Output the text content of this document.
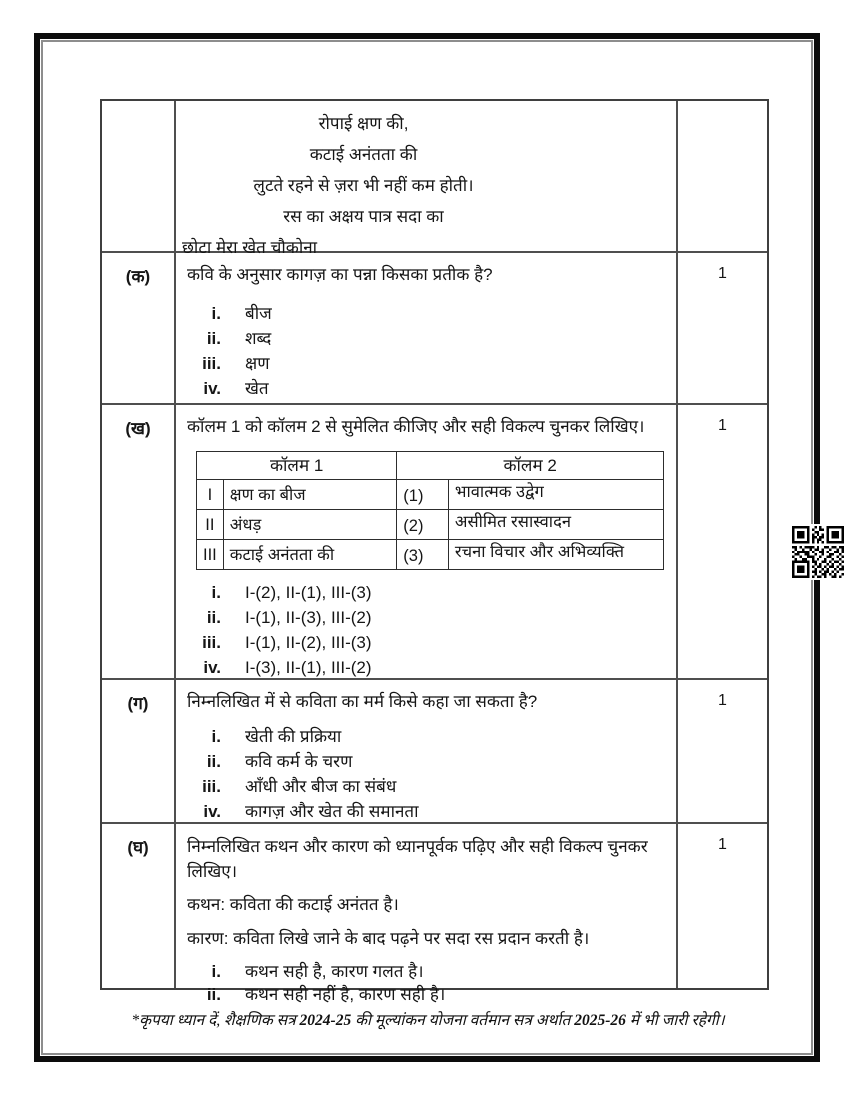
रोपाई क्षण की,
कटाई अनंतता की
लुटते रहने से ज़रा भी नहीं कम होती।
रस का अक्षय पात्र सदा का
छोटा मेरा खेत चौकोना
(क)	कवि के अनुसार कागज़ का पन्ना किसका प्रतीक है?
i. बीज
ii. शब्द
iii. क्षण
iv. खेत
1
(ख)	कॉलम 1 को कॉलम 2 से सुमेलित कीजिए और सही विकल्प चुनकर लिखिए।
कॉलम 1		कॉलम 2	
I	क्षण का बीज	(1)	भावात्मक उद्वेग
II	अंधड़	(2)	असीमित रसास्वादन
III	कटाई अनंतता की	(3)	रचना विचार और अभिव्यक्ति
i. I-(2), II-(1), III-(3)
ii. I-(1), II-(3), III-(2)
iii. I-(1), II-(2), III-(3)
iv. I-(3), II-(1), III-(2)
1
(ग)	निम्नलिखित में से कविता का मर्म किसे कहा जा सकता है?
i. खेती की प्रक्रिया
ii. कवि कर्म के चरण
iii. आँधी और बीज का संबंध
iv. कागज़ और खेत की समानता
1
(घ)	निम्नलिखित कथन और कारण को ध्यानपूर्वक पढ़िए और सही विकल्प चुनकर लिखिए।
कथन: कविता की कटाई अनंतत है।
कारण: कविता लिखे जाने के बाद पढ़ने पर सदा रस प्रदान करती है।
i. कथन सही है, कारण गलत है।
ii. कथन सही नहीं है, कारण सही है।
1
*कृपया ध्यान दें, शैक्षणिक सत्र 2024-25 की मूल्यांकन योजना वर्तमान सत्र अर्थात 2025-26 में भी जारी रहेगी।
